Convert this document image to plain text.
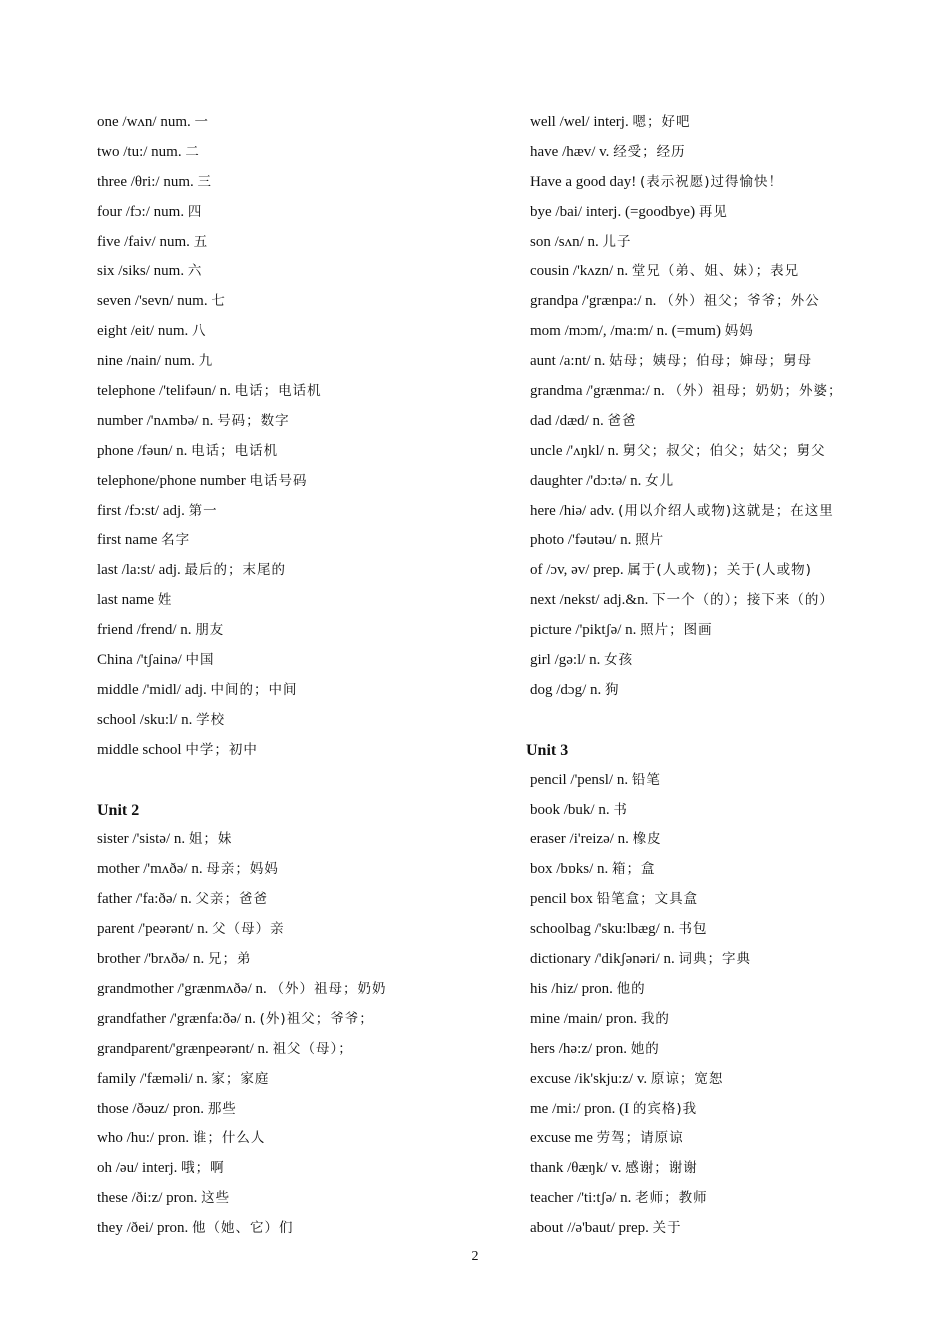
one /wʌn/ num. 一
two /tu:/ num. 二
three /θri:/ num. 三
four /fɔ:/ num. 四
five /faiv/ num. 五
six /siks/ num. 六
seven /'sevn/ num. 七
eight /eit/ num. 八
nine /nain/ num. 九
telephone /'telifəun/ n. 电话；电话机
number /'nʌmbə/ n. 号码；数字
phone /fəun/ n. 电话；电话机
telephone/phone number 电话号码
first /fɔ:st/ adj. 第一
first name 名字
last /la:st/ adj. 最后的；末尾的
last name 姓
friend /frend/ n. 朋友
China /'tʃainə/ 中国
middle /'midl/ adj. 中间的；中间
school /sku:l/ n. 学校
middle school 中学；初中
Unit 2
sister /'sistə/ n. 姐；妹
mother /'mʌðə/ n. 母亲；妈妈
father /'fa:ðə/ n. 父亲；爸爸
parent /'peərənt/ n. 父（母）亲
brother /'brʌðə/ n. 兄；弟
grandmother /'grænmʌðə/ n. （外）祖母；奶奶
grandfather /'grænfa:ðə/ n. (外)祖父；爷爷；
grandparent/'grænpeərənt/ n. 祖父（母）；
family /'fæməli/ n. 家；家庭
those /ðəuz/ pron. 那些
who /hu:/ pron. 谁；什么人
oh /əu/ interj. 哦；啊
these /ði:z/ pron. 这些
they /ðei/ pron. 他（她、它）们
well /wel/ interj. 嗯；好吧
have /hæv/ v. 经受；经历
Have a good day! (表示祝愿)过得愉快！
bye /bai/ interj. (=goodbye) 再见
son /sʌn/ n. 儿子
cousin /'kʌzn/ n. 堂兄（弟、姐、妹）；表兄
grandpa /'grænpa:/ n. （外）祖父；爷爷；外公
mom /mɔm/, /ma:m/ n. (=mum) 妈妈
aunt /a:nt/ n. 姑母；姨母；伯母；婶母；舅母
grandma /'grænma:/ n. （外）祖母；奶奶；外婆；
dad /dæd/ n. 爸爸
uncle /'ʌŋkl/ n. 舅父；叔父；伯父；姑父；舅父
daughter /'dɔ:tə/ n. 女儿
here /hiə/ adv. (用以介绍人或物)这就是；在这里
photo /'fəutəu/ n. 照片
of /ɔv, əv/ prep. 属于(人或物)；关于(人或物)
next /nekst/ adj.&n. 下一个（的）；接下来（的）
picture /'piktʃə/ n. 照片；图画
girl /gə:l/ n. 女孩
dog /dɔg/ n. 狗
Unit 3
pencil /'pensl/ n. 铅笔
book /buk/ n. 书
eraser /i'reizə/ n. 橡皮
box /bɒks/ n. 箱；盒
pencil box 铅笔盒；文具盒
schoolbag /'sku:lbæg/ n. 书包
dictionary /'dikʃənəri/ n. 词典；字典
his /hiz/ pron. 他的
mine /main/ pron. 我的
hers /hə:z/ pron. 她的
excuse /ik'skju:z/ v. 原谅；宽恕
me /mi:/ pron. (I 的宾格)我
excuse me 劳驾；请原谅
thank /θæŋk/ v. 感谢；谢谢
teacher /'ti:tʃə/ n. 老师；教师
about //ə'baut/ prep. 关于
2
